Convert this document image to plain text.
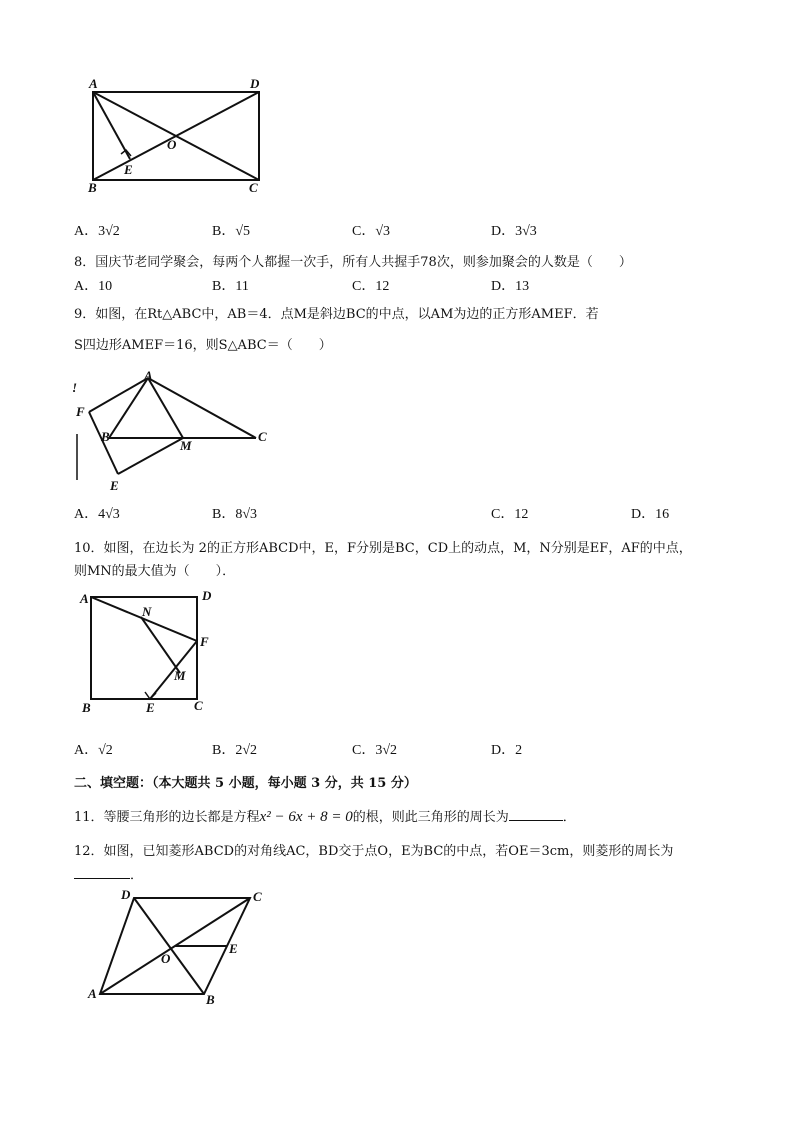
A	D
O
E
B	C
A．3√2	B．√5	C．√3	D．3√3
8．国庆节老同学聚会，每两个人都握一次手，所有人共握手78次，则参加聚会的人数是（　　）
A．10	B．11	C．12	D．13
9．如图，在Rt△ABC中，AB＝4．点M是斜边BC的中点，以AM为边的正方形AMEF．若
S四边形AMEF＝16，则S△ABC＝（　　）
!
A
F
B
M
C
E
A．4√3	B．8√3	C．12	D．16
10．如图，在边长为 2的正方形ABCD中，E，F分别是BC，CD上的动点，M，N分别是EF，AF的中点，
则MN的最大值为（　　）．
A	D
N
F
M
B	E	C
A．√2	B．2√2	C．3√2	D．2
二、填空题：（本大题共 5 小题，每小题 3 分，共 15 分）
11．等腰三角形的边长都是方程x² − 6x + 8 = 0的根，则此三角形的周长为	．
12．如图，已知菱形ABCD的对角线AC，BD交于点O，E为BC的中点，若OE＝3cm，则菱形的周长为
．
D	C
E
O
A	B
